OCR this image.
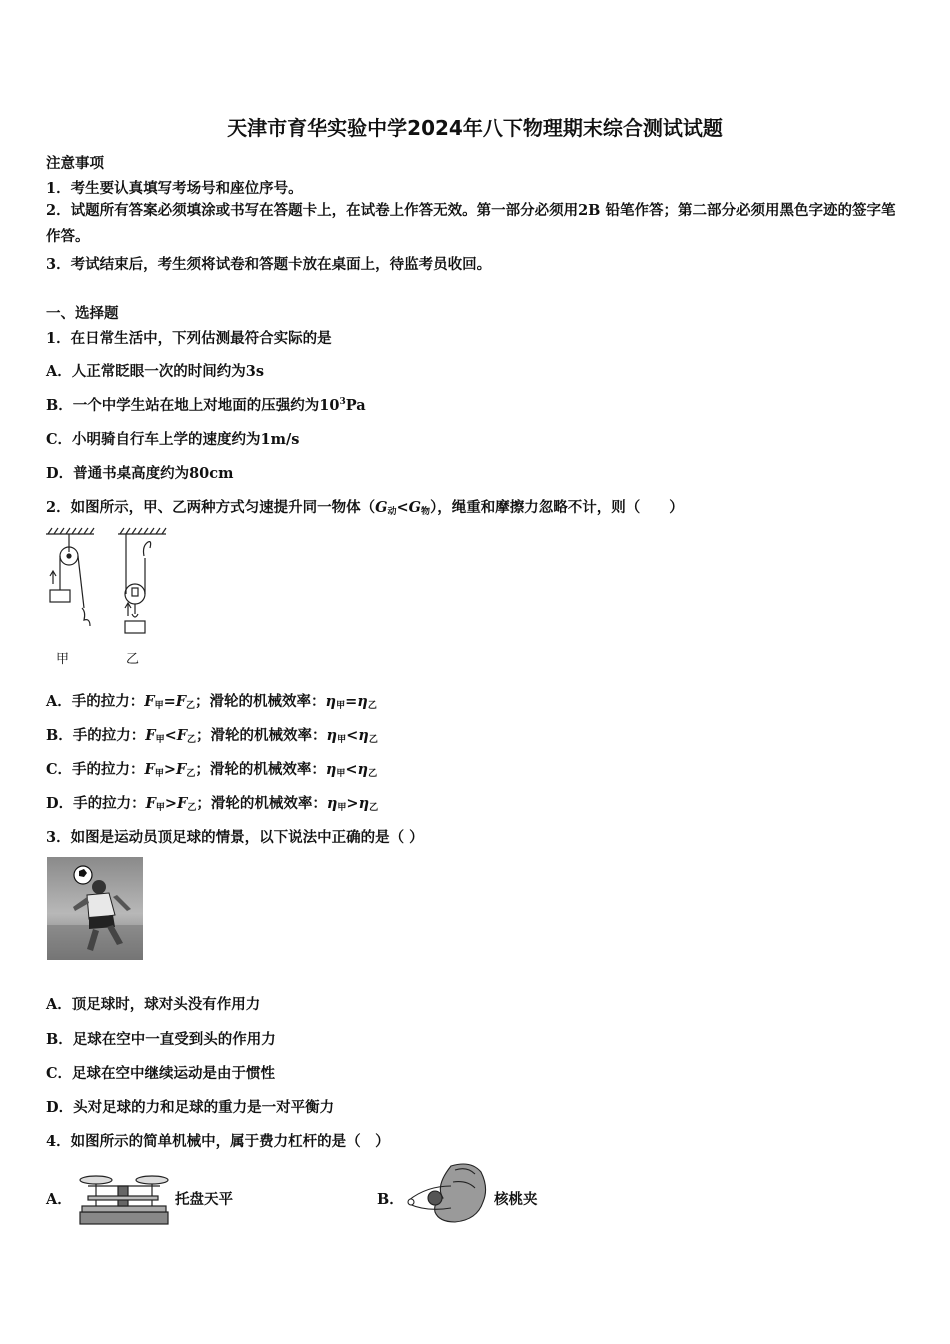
天津市育华实验中学2024年八下物理期末综合测试试题
注意事项
1．考生要认真填写考场号和座位序号。
2．试题所有答案必须填涂或书写在答题卡上，在试卷上作答无效。第一部分必须用2B 铅笔作答；第二部分必须用黑色字迹的签字笔作答。
3．考试结束后，考生须将试卷和答题卡放在桌面上，待监考员收回。
一、选择题
1．在日常生活中，下列估测最符合实际的是
A．人正常眨眼一次的时间约为3s
B．一个中学生站在地上对地面的压强约为$10^3Pa$
C．小明骑自行车上学的速度约为1m/s
D．普通书桌高度约为80cm
2．如图所示，甲、乙两种方式匀速提升同一物体$(G_动<G_物)$，绳重和摩擦力忽略不计，则（　　）
甲	乙
A．手的拉力：$F_甲=F_乙$；滑轮的机械效率：$\eta_甲=\eta_乙$
B．手的拉力：$F_甲<F_乙$；滑轮的机械效率：$\eta_甲<\eta_乙$
C．手的拉力：$F_甲>F_乙$；滑轮的机械效率：$\eta_甲<\eta_乙$
D．手的拉力：$F_甲>F_乙$；滑轮的机械效率：$\eta_甲>\eta_乙$
3．如图是运动员顶足球的情景，以下说法中正确的是（ ）
A．顶足球时，球对头没有作用力
B．足球在空中一直受到头的作用力
C．足球在空中继续运动是由于惯性
D．头对足球的力和足球的重力是一对平衡力
4．如图所示的简单机械中，属于费力杠杆的是（　）
A．	托盘天平	B．	核桃夹
